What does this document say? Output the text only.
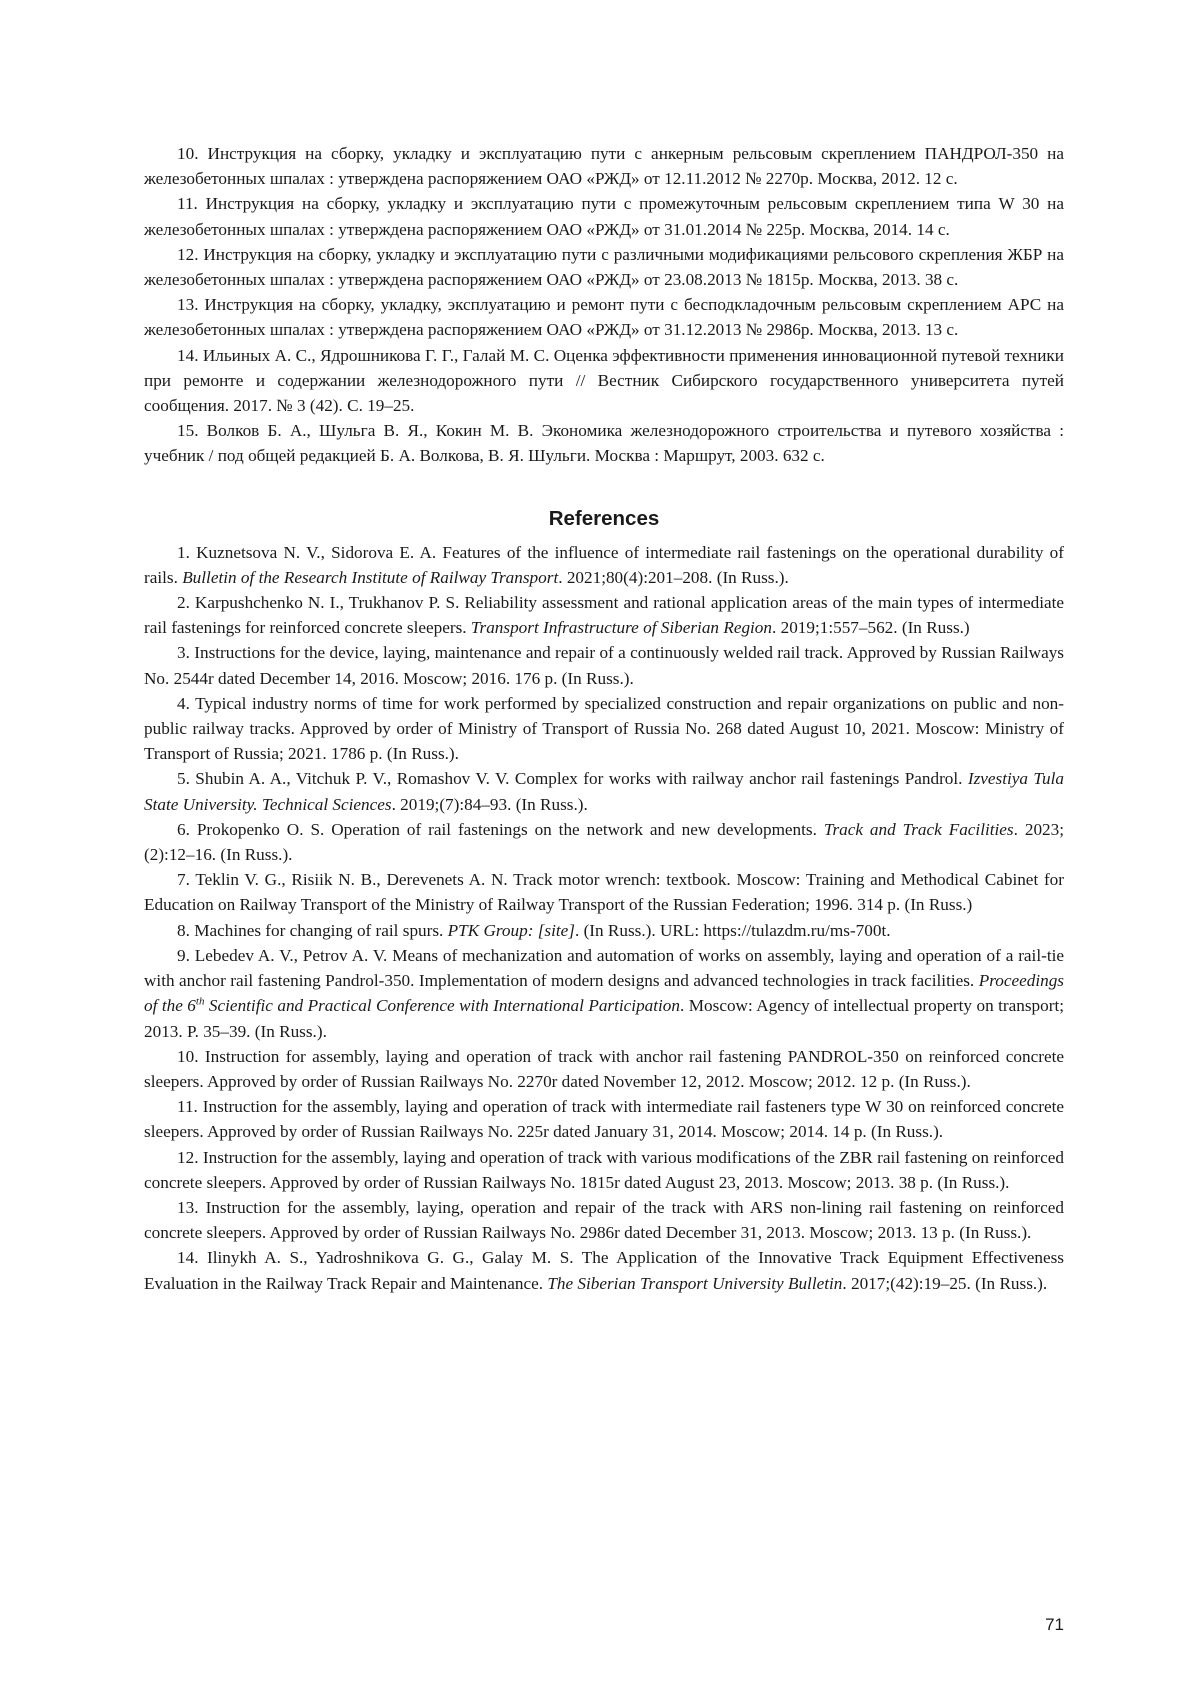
10. Инструкция на сборку, укладку и эксплуатацию пути с анкерным рельсовым скреплением ПАНДРОЛ-350 на железобетонных шпалах : утверждена распоряжением ОАО «РЖД» от 12.11.2012 № 2270р. Москва, 2012. 12 с.

11. Инструкция на сборку, укладку и эксплуатацию пути с промежуточным рельсовым скреплением типа W 30 на железобетонных шпалах : утверждена распоряжением ОАО «РЖД» от 31.01.2014 № 225р. Москва, 2014. 14 с.

12. Инструкция на сборку, укладку и эксплуатацию пути с различными модификациями рельсового скрепления ЖБР на железобетонных шпалах : утверждена распоряжением ОАО «РЖД» от 23.08.2013 № 1815р. Москва, 2013. 38 с.

13. Инструкция на сборку, укладку, эксплуатацию и ремонт пути с бесподкладочным рельсовым скреплением АРС на железобетонных шпалах : утверждена распоряжением ОАО «РЖД» от 31.12.2013 № 2986р. Москва, 2013. 13 с.

14. Ильиных А. С., Ядрошникова Г. Г., Галай М. С. Оценка эффективности применения инновационной путевой техники при ремонте и содержании железнодорожного пути // Вестник Сибирского государственного университета путей сообщения. 2017. № 3 (42). С. 19–25.

15. Волков Б. А., Шульга В. Я., Кокин М. В. Экономика железнодорожного строительства и путевого хозяйства : учебник / под общей редакцией Б. А. Волкова, В. Я. Шульги. Москва : Маршрут, 2003. 632 с.

References

1. Kuznetsova N. V., Sidorova E. A. Features of the influence of intermediate rail fastenings on the operational durability of rails. Bulletin of the Research Institute of Railway Transport. 2021;80(4):201–208. (In Russ.).

2. Karpushchenko N. I., Trukhanov P. S. Reliability assessment and rational application areas of the main types of intermediate rail fastenings for reinforced concrete sleepers. Transport Infrastructure of Siberian Region. 2019;1:557–562. (In Russ.)

3. Instructions for the device, laying, maintenance and repair of a continuously welded rail track. Approved by Russian Railways No. 2544r dated December 14, 2016. Moscow; 2016. 176 p. (In Russ.).

4. Typical industry norms of time for work performed by specialized construction and repair organizations on public and non-public railway tracks. Approved by order of Ministry of Transport of Russia No. 268 dated August 10, 2021. Moscow: Ministry of Transport of Russia; 2021. 1786 p. (In Russ.).

5. Shubin A. A., Vitchuk P. V., Romashov V. V. Complex for works with railway anchor rail fastenings Pandrol. Izvestiya Tula State University. Technical Sciences. 2019;(7):84–93. (In Russ.).

6. Prokopenko O. S. Operation of rail fastenings on the network and new developments. Track and Track Facilities. 2023;(2):12–16. (In Russ.).

7. Teklin V. G., Risiik N. B., Derevenets A. N. Track motor wrench: textbook. Moscow: Training and Methodical Cabinet for Education on Railway Transport of the Ministry of Railway Transport of the Russian Federation; 1996. 314 p. (In Russ.)

8. Machines for changing of rail spurs. PTK Group: [site]. (In Russ.). URL: https://tulazdm.ru/ms-700t.

9. Lebedev A. V., Petrov A. V. Means of mechanization and automation of works on assembly, laying and operation of a rail-tie with anchor rail fastening Pandrol-350. Implementation of modern designs and advanced technologies in track facilities. Proceedings of the 6th Scientific and Practical Conference with International Participation. Moscow: Agency of intellectual property on transport; 2013. P. 35–39. (In Russ.).

10. Instruction for assembly, laying and operation of track with anchor rail fastening PANDROL-350 on reinforced concrete sleepers. Approved by order of Russian Railways No. 2270r dated November 12, 2012. Moscow; 2012. 12 p. (In Russ.).

11. Instruction for the assembly, laying and operation of track with intermediate rail fasteners type W 30 on reinforced concrete sleepers. Approved by order of Russian Railways No. 225r dated January 31, 2014. Moscow; 2014. 14 p. (In Russ.).

12. Instruction for the assembly, laying and operation of track with various modifications of the ZBR rail fastening on reinforced concrete sleepers. Approved by order of Russian Railways No. 1815r dated August 23, 2013. Moscow; 2013. 38 p. (In Russ.).

13. Instruction for the assembly, laying, operation and repair of the track with ARS non-lining rail fastening on reinforced concrete sleepers. Approved by order of Russian Railways No. 2986r dated December 31, 2013. Moscow; 2013. 13 p. (In Russ.).

14. Ilinykh A. S., Yadroshnikova G. G., Galay M. S. The Application of the Innovative Track Equipment Effectiveness Evaluation in the Railway Track Repair and Maintenance. The Siberian Transport University Bulletin. 2017;(42):19–25. (In Russ.).

71
